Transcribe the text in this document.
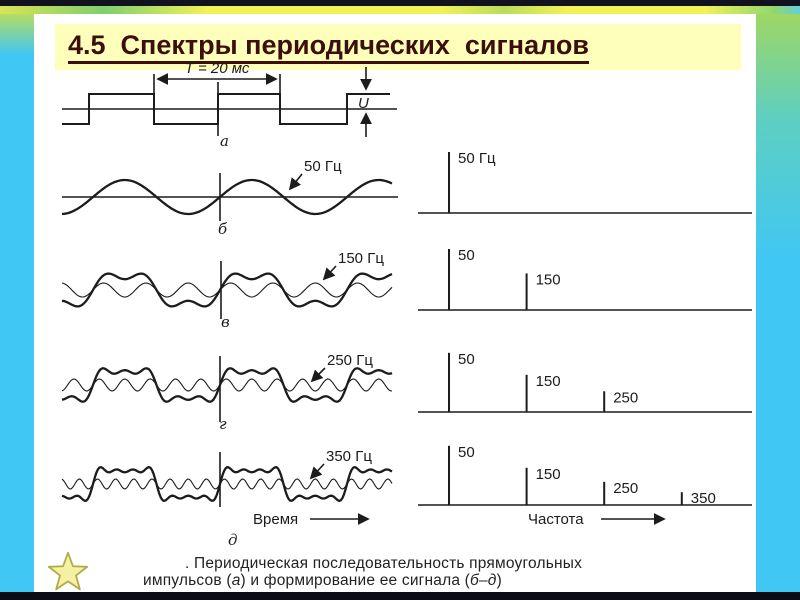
4.5  Спектры периодических  сигналов
T = 20 мс
U
а
б
50 Гц
в
150 Гц
г
250 Гц
д
350 Гц
Время	Частота
50 Гц
50
150
50
150
250
50
150
250
350
. Периодическая последовательность прямоугольных
импульсов (а) и формирование ее сигнала (б–д)
